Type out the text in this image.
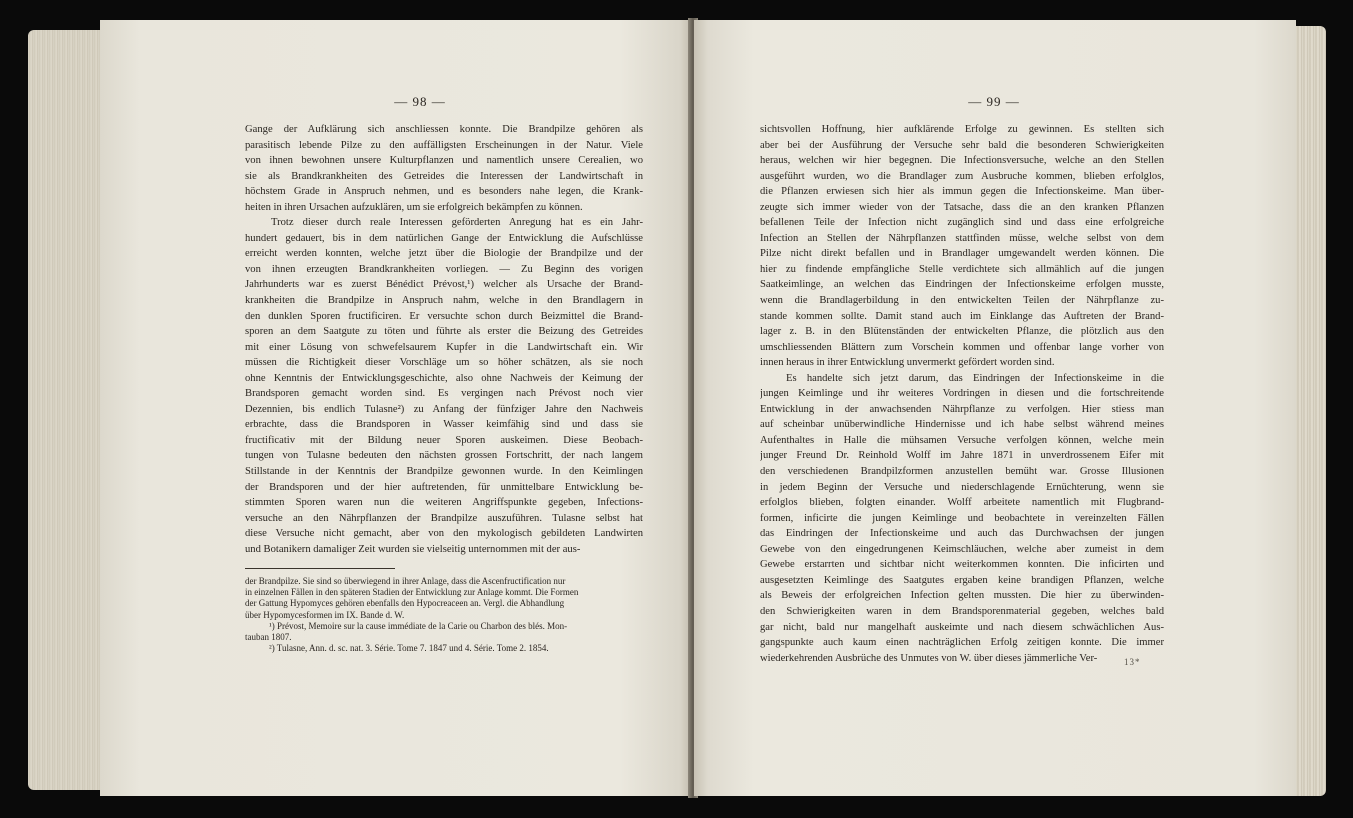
— 98 —
Gange der Aufklärung sich anschliessen konnte. Die Brandpilze gehören als
parasitisch lebende Pilze zu den auffälligsten Erscheinungen in der Natur. Viele
von ihnen bewohnen unsere Kulturpflanzen und namentlich unsere Cerealien, wo
sie als Brandkrankheiten des Getreides die Interessen der Landwirtschaft in
höchstem Grade in Anspruch nehmen, und es besonders nahe legen, die Krank-
heiten in ihren Ursachen aufzuklären, um sie erfolgreich bekämpfen zu können.
Trotz dieser durch reale Interessen geförderten Anregung hat es ein Jahr-
hundert gedauert, bis in dem natürlichen Gange der Entwicklung die Aufschlüsse
erreicht werden konnten, welche jetzt über die Biologie der Brandpilze und der
von ihnen erzeugten Brandkrankheiten vorliegen. — Zu Beginn des vorigen
Jahrhunderts war es zuerst Bénédict Prévost,¹) welcher als Ursache der Brand-
krankheiten die Brandpilze in Anspruch nahm, welche in den Brandlagern in
den dunklen Sporen fructificiren. Er versuchte schon durch Beizmittel die Brand-
sporen an dem Saatgute zu töten und führte als erster die Beizung des Getreides
mit einer Lösung von schwefelsaurem Kupfer in die Landwirtschaft ein. Wir
müssen die Richtigkeit dieser Vorschläge um so höher schätzen, als sie noch
ohne Kenntnis der Entwicklungsgeschichte, also ohne Nachweis der Keimung der
Brandsporen gemacht worden sind. Es vergingen nach Prévost noch vier
Dezennien, bis endlich Tulasne²) zu Anfang der fünfziger Jahre den Nachweis
erbrachte, dass die Brandsporen in Wasser keimfähig sind und dass sie
fructificativ mit der Bildung neuer Sporen auskeimen. Diese Beobach-
tungen von Tulasne bedeuten den nächsten grossen Fortschritt, der nach langem
Stillstande in der Kenntnis der Brandpilze gewonnen wurde. In den Keimlingen
der Brandsporen und der hier auftretenden, für unmittelbare Entwicklung be-
stimmten Sporen waren nun die weiteren Angriffspunkte gegeben, Infections-
versuche an den Nährpflanzen der Brandpilze auszuführen. Tulasne selbst hat
diese Versuche nicht gemacht, aber von den mykologisch gebildeten Landwirten
und Botanikern damaliger Zeit wurden sie vielseitig unternommen mit der aus-
der Brandpilze. Sie sind so überwiegend in ihrer Anlage, dass die Ascenfructification nur
in einzelnen Fällen in den späteren Stadien der Entwicklung zur Anlage kommt. Die Formen
der Gattung Hypomyces gehören ebenfalls den Hypocreaceen an. Vergl. die Abhandlung
über Hypomycesformen im IX. Bande d. W.
¹) Prévost, Memoire sur la cause immédiate de la Carie ou Charbon des blés. Mon-
tauban 1807.
²) Tulasne, Ann. d. sc. nat. 3. Série. Tome 7. 1847 und 4. Série. Tome 2. 1854.
— 99 —
sichtsvollen Hoffnung, hier aufklärende Erfolge zu gewinnen. Es stellten sich
aber bei der Ausführung der Versuche sehr bald die besonderen Schwierigkeiten
heraus, welchen wir hier begegnen. Die Infectionsversuche, welche an den Stellen
ausgeführt wurden, wo die Brandlager zum Ausbruche kommen, blieben erfolglos,
die Pflanzen erwiesen sich hier als immun gegen die Infectionskeime. Man über-
zeugte sich immer wieder von der Tatsache, dass die an den kranken Pflanzen
befallenen Teile der Infection nicht zugänglich sind und dass eine erfolgreiche
Infection an Stellen der Nährpflanzen stattfinden müsse, welche selbst von dem
Pilze nicht direkt befallen und in Brandlager umgewandelt werden können. Die
hier zu findende empfängliche Stelle verdichtete sich allmählich auf die jungen
Saatkeimlinge, an welchen das Eindringen der Infectionskeime erfolgen musste,
wenn die Brandlagerbildung in den entwickelten Teilen der Nährpflanze zu-
stande kommen sollte. Damit stand auch im Einklange das Auftreten der Brand-
lager z. B. in den Blütenständen der entwickelten Pflanze, die plötzlich aus den
umschliessenden Blättern zum Vorschein kommen und offenbar lange vorher von
innen heraus in ihrer Entwicklung unvermerkt gefördert worden sind.
Es handelte sich jetzt darum, das Eindringen der Infectionskeime in die
jungen Keimlinge und ihr weiteres Vordringen in diesen und die fortschreitende
Entwicklung in der anwachsenden Nährpflanze zu verfolgen. Hier stiess man
auf scheinbar unüberwindliche Hindernisse und ich habe selbst während meines
Aufenthaltes in Halle die mühsamen Versuche verfolgen können, welche mein
junger Freund Dr. Reinhold Wolff im Jahre 1871 in unverdrossenem Eifer mit
den verschiedenen Brandpilzformen anzustellen bemüht war. Grosse Illusionen
in jedem Beginn der Versuche und niederschlagende Ernüchterung, wenn sie
erfolglos blieben, folgten einander. Wolff arbeitete namentlich mit Flugbrand-
formen, inficirte die jungen Keimlinge und beobachtete in vereinzelten Fällen
das Eindringen der Infectionskeime und auch das Durchwachsen der jungen
Gewebe von den eingedrungenen Keimschläuchen, welche aber zumeist in dem
Gewebe erstarrten und sichtbar nicht weiterkommen konnten. Die inficirten und
ausgesetzten Keimlinge des Saatgutes ergaben keine brandigen Pflanzen, welche
als Beweis der erfolgreichen Infection gelten mussten. Die hier zu überwinden-
den Schwierigkeiten waren in dem Brandsporenmaterial gegeben, welches bald
gar nicht, bald nur mangelhaft auskeimte und nach diesem schwächlichen Aus-
gangspunkte auch kaum einen nachträglichen Erfolg zeitigen konnte. Die immer
wiederkehrenden Ausbrüche des Unmutes von W. über dieses jämmerliche Ver-	13*
